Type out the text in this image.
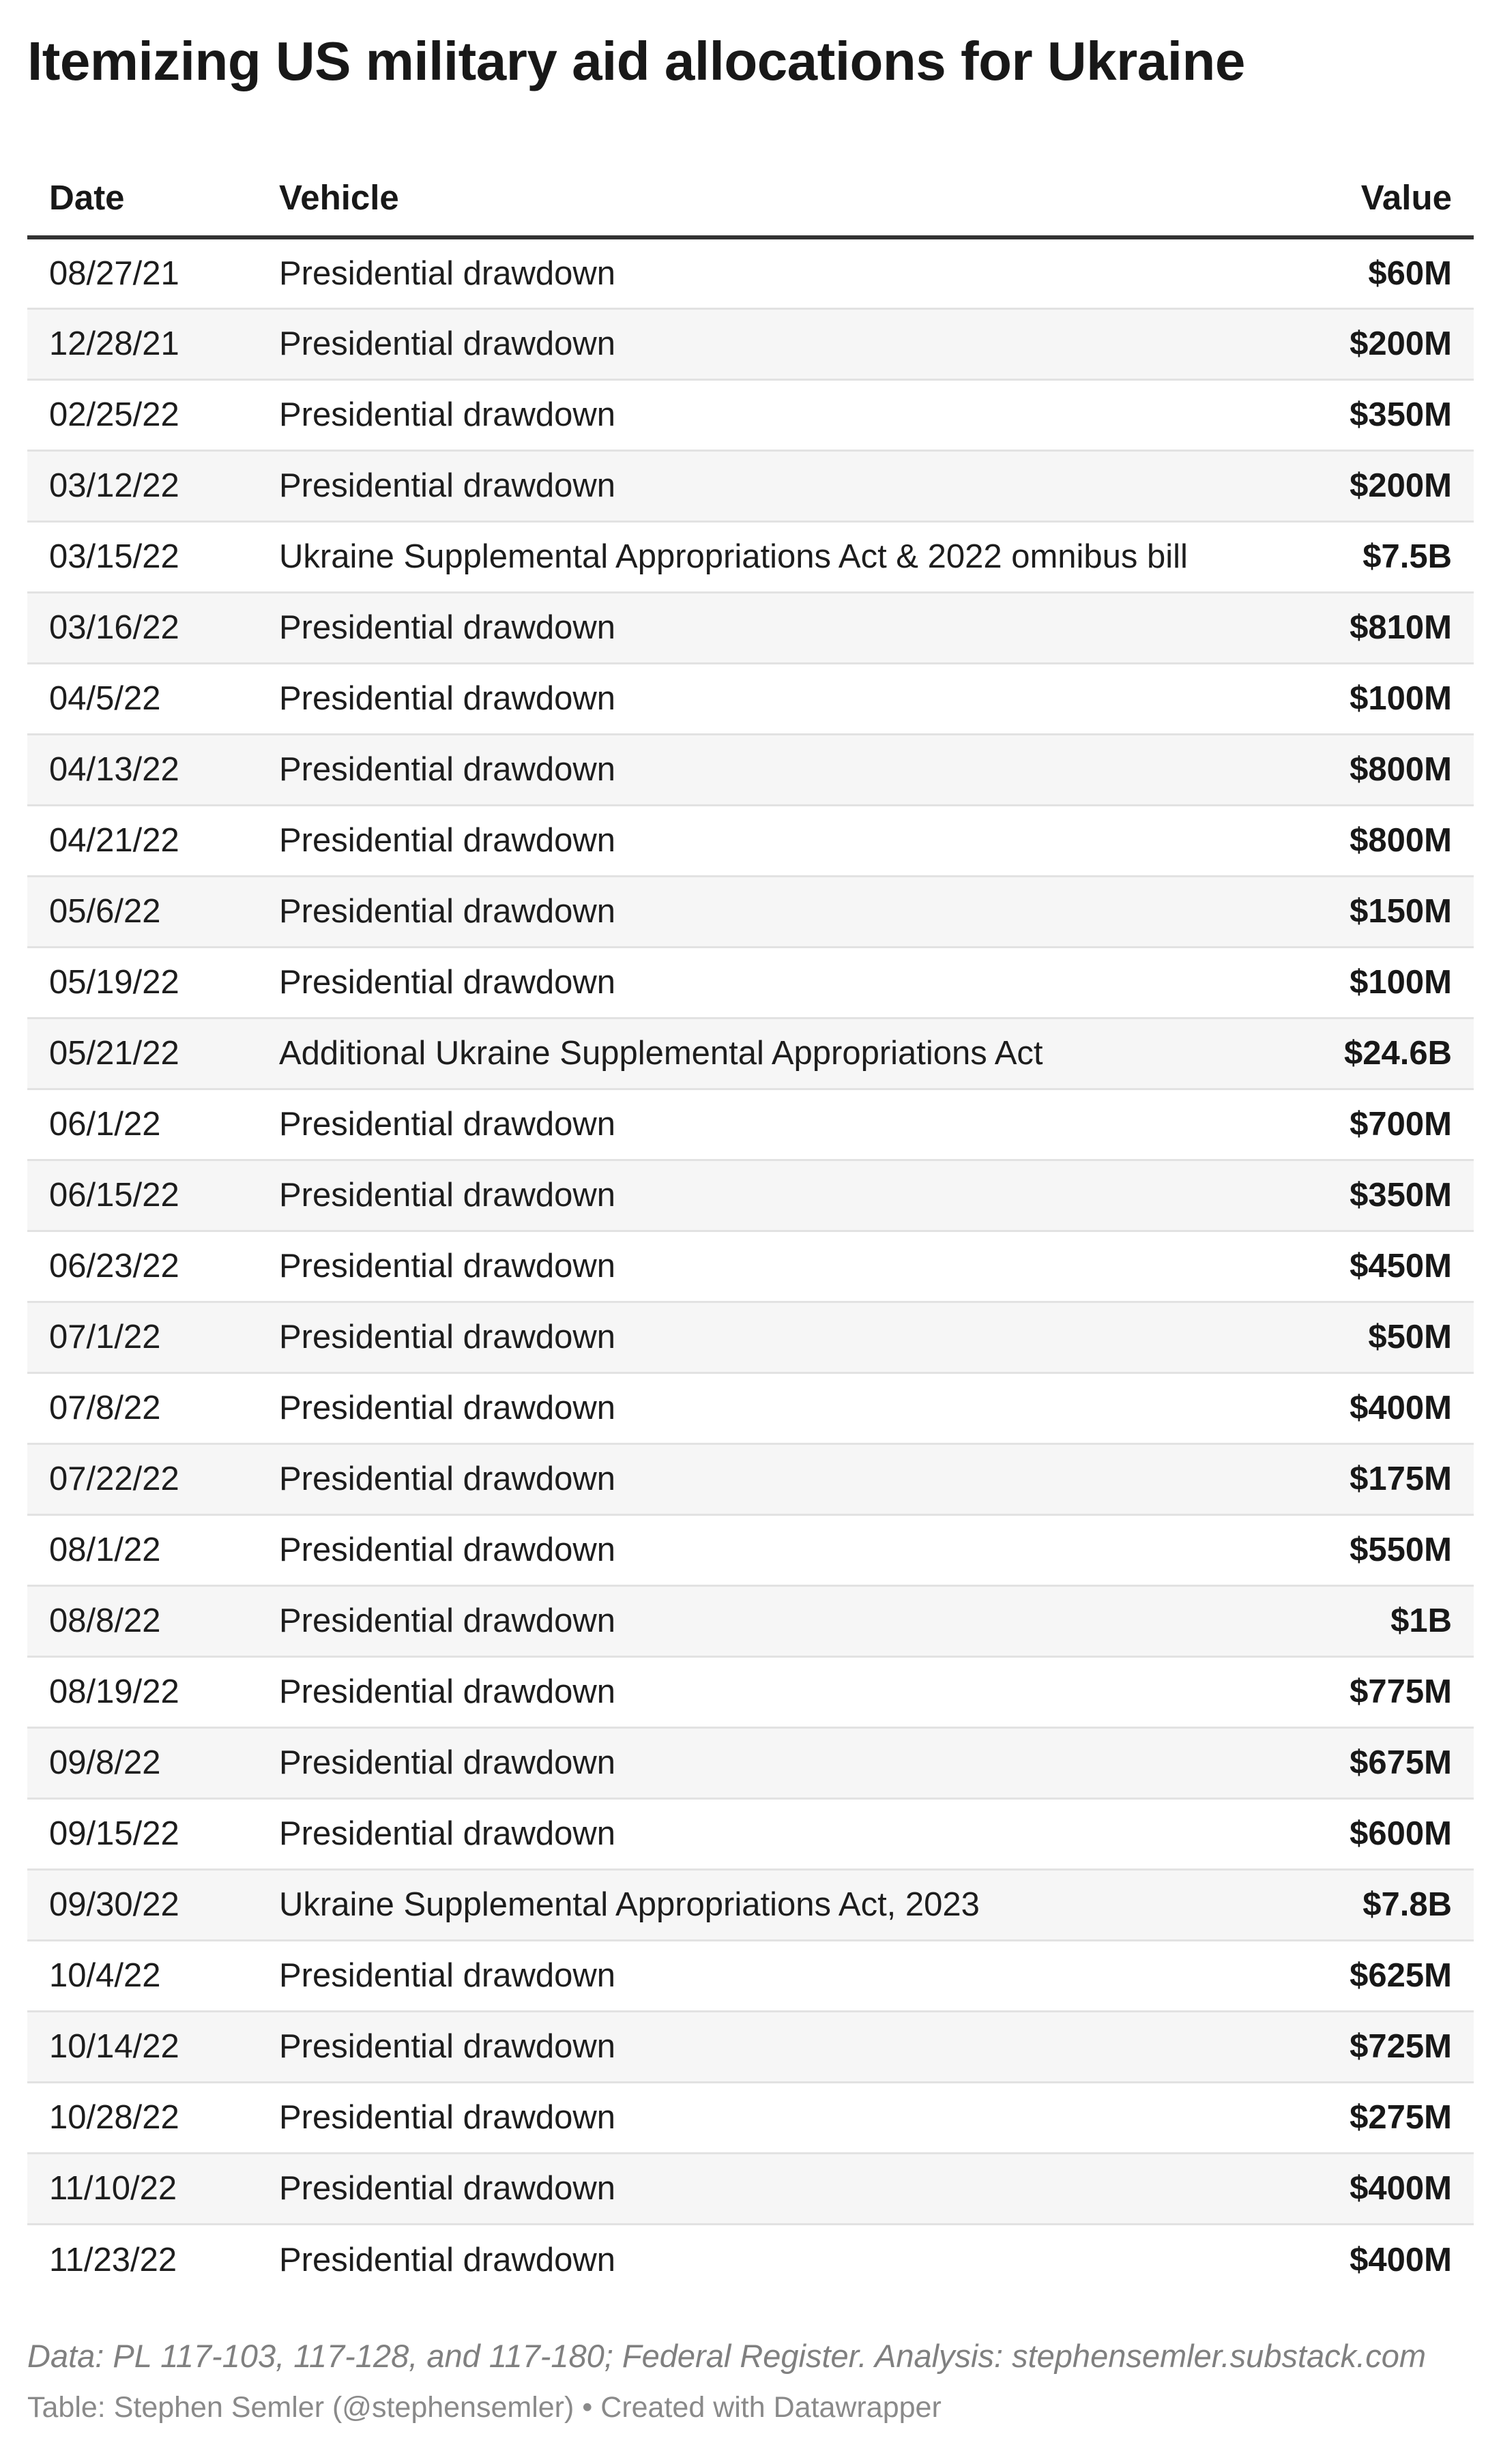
Itemizing US military aid allocations for Ukraine
Date	Vehicle	Value
08/27/21	Presidential drawdown	$60M
12/28/21	Presidential drawdown	$200M
02/25/22	Presidential drawdown	$350M
03/12/22	Presidential drawdown	$200M
03/15/22	Ukraine Supplemental Appropriations Act & 2022 omnibus bill	$7.5B
03/16/22	Presidential drawdown	$810M
04/5/22	Presidential drawdown	$100M
04/13/22	Presidential drawdown	$800M
04/21/22	Presidential drawdown	$800M
05/6/22	Presidential drawdown	$150M
05/19/22	Presidential drawdown	$100M
05/21/22	Additional Ukraine Supplemental Appropriations Act	$24.6B
06/1/22	Presidential drawdown	$700M
06/15/22	Presidential drawdown	$350M
06/23/22	Presidential drawdown	$450M
07/1/22	Presidential drawdown	$50M
07/8/22	Presidential drawdown	$400M
07/22/22	Presidential drawdown	$175M
08/1/22	Presidential drawdown	$550M
08/8/22	Presidential drawdown	$1B
08/19/22	Presidential drawdown	$775M
09/8/22	Presidential drawdown	$675M
09/15/22	Presidential drawdown	$600M
09/30/22	Ukraine Supplemental Appropriations Act, 2023	$7.8B
10/4/22	Presidential drawdown	$625M
10/14/22	Presidential drawdown	$725M
10/28/22	Presidential drawdown	$275M
11/10/22	Presidential drawdown	$400M
11/23/22	Presidential drawdown	$400M
Data: PL 117-103, 117-128, and 117-180; Federal Register. Analysis: stephensemler.substack.com
Table: Stephen Semler (@stephensemler) • Created with Datawrapper
